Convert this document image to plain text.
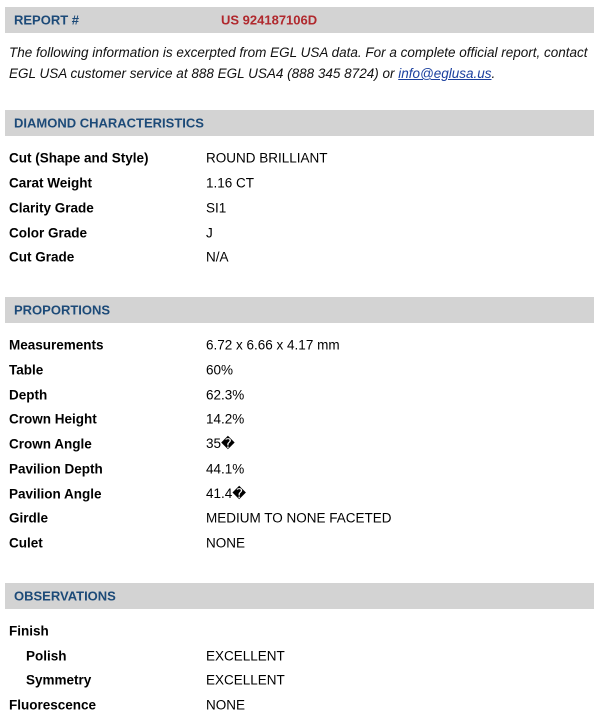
REPORT #	US 924187106D
The following information is excerpted from EGL USA data. For a complete official report, contact EGL USA customer service at 888 EGL USA4 (888 345 8724) or info@eglusa.us.
DIAMOND CHARACTERISTICS
Cut (Shape and Style)	ROUND BRILLIANT
Carat Weight	1.16 CT
Clarity Grade	SI1
Color Grade	J
Cut Grade	N/A
PROPORTIONS
Measurements	6.72 x 6.66 x 4.17 mm
Table	60%
Depth	62.3%
Crown Height	14.2%
Crown Angle	35�
Pavilion Depth	44.1%
Pavilion Angle	41.4�
Girdle	MEDIUM TO NONE FACETED
Culet	NONE
OBSERVATIONS
Finish
Polish	EXCELLENT
Symmetry	EXCELLENT
Fluorescence	NONE
